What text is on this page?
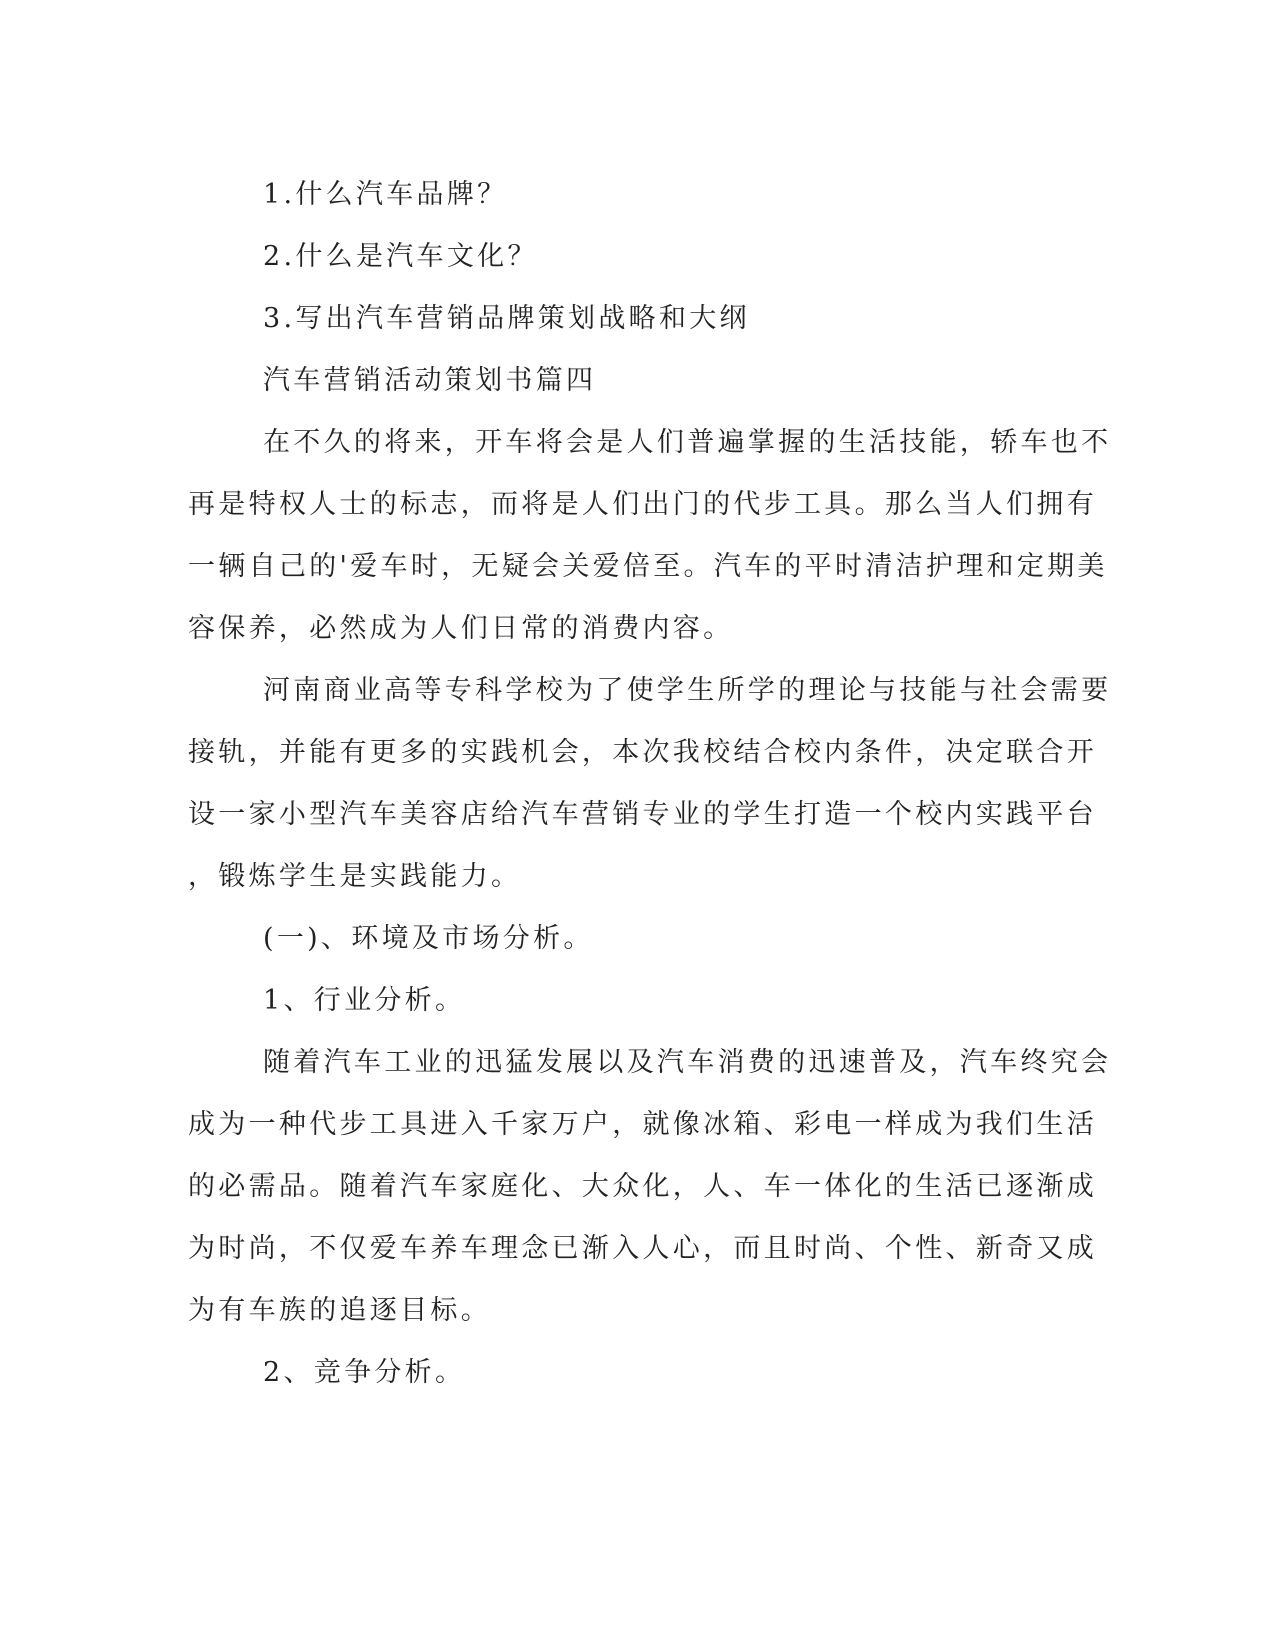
1.什么汽车品牌？

2.什么是汽车文化？

3.写出汽车营销品牌策划战略和大纲

汽车营销活动策划书篇四

在不久的将来，开车将会是人们普遍掌握的生活技能，轿车也不
再是特权人士的标志，而将是人们出门的代步工具。那么当人们拥有
一辆自己的'爱车时，无疑会关爱倍至。汽车的平时清洁护理和定期美
容保养，必然成为人们日常的消费内容。

河南商业高等专科学校为了使学生所学的理论与技能与社会需要
接轨，并能有更多的实践机会，本次我校结合校内条件，决定联合开
设一家小型汽车美容店给汽车营销专业的学生打造一个校内实践平台
，锻炼学生是实践能力。

(一)、环境及市场分析。

1、行业分析。

随着汽车工业的迅猛发展以及汽车消费的迅速普及，汽车终究会
成为一种代步工具进入千家万户，就像冰箱、彩电一样成为我们生活
的必需品。随着汽车家庭化、大众化，人、车一体化的生活已逐渐成
为时尚，不仅爱车养车理念已渐入人心，而且时尚、个性、新奇又成
为有车族的追逐目标。

2、竞争分析。
